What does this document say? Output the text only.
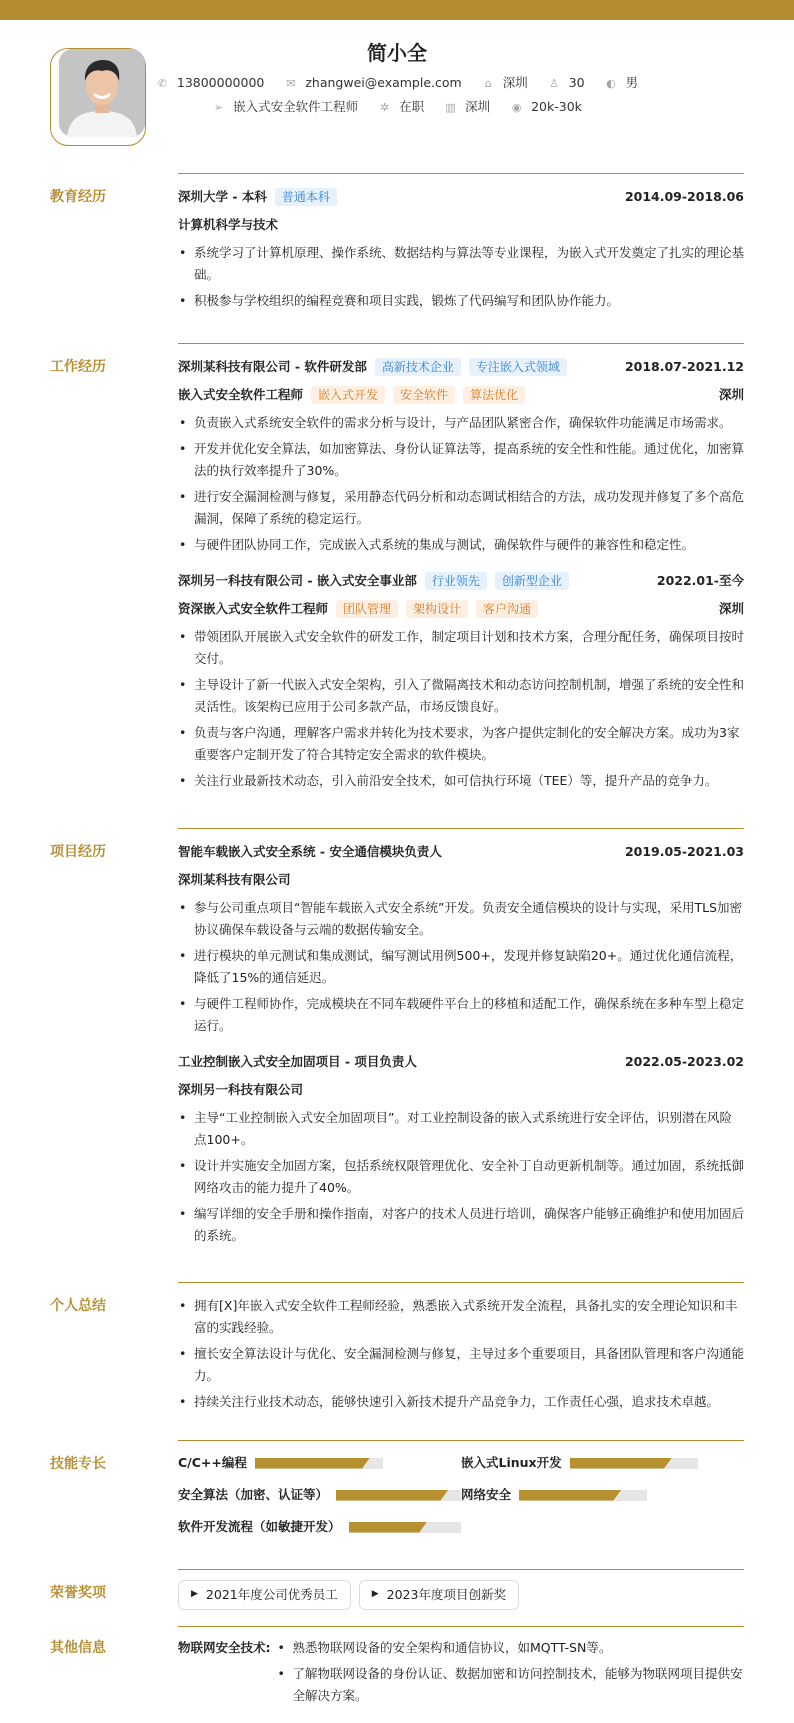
简小全
✆ 13800000000 ✉ zhangwei@example.com ⌂ 深圳 ♙ 30 ◐ 男
➢ 嵌入式安全软件工程师 ✲ 在职 ▥ 深圳 ◉ 20k-30k
教育经历	深圳大学 - 本科	普通本科	2014.09-2018.06
计算机科学与技术
• 系统学习了计算机原理、操作系统、数据结构与算法等专业课程，为嵌入式开发奠定了扎实的理论基础。
• 积极参与学校组织的编程竞赛和项目实践，锻炼了代码编写和团队协作能力。
工作经历	深圳某科技有限公司 - 软件研发部	高新技术企业	专注嵌入式领域	2018.07-2021.12
嵌入式安全软件工程师	嵌入式开发	安全软件	算法优化	深圳
• 负责嵌入式系统安全软件的需求分析与设计，与产品团队紧密合作，确保软件功能满足市场需求。
• 开发并优化安全算法，如加密算法、身份认证算法等，提高系统的安全性和性能。通过优化，加密算法的执行效率提升了30%。
• 进行安全漏洞检测与修复，采用静态代码分析和动态调试相结合的方法，成功发现并修复了多个高危漏洞，保障了系统的稳定运行。
• 与硬件团队协同工作，完成嵌入式系统的集成与测试，确保软件与硬件的兼容性和稳定性。
深圳另一科技有限公司 - 嵌入式安全事业部	行业领先	创新型企业	2022.01-至今
资深嵌入式安全软件工程师	团队管理	架构设计	客户沟通	深圳
• 带领团队开展嵌入式安全软件的研发工作，制定项目计划和技术方案，合理分配任务，确保项目按时交付。
• 主导设计了新一代嵌入式安全架构，引入了微隔离技术和动态访问控制机制，增强了系统的安全性和灵活性。该架构已应用于公司多款产品，市场反馈良好。
• 负责与客户沟通，理解客户需求并转化为技术要求，为客户提供定制化的安全解决方案。成功为3家重要客户定制开发了符合其特定安全需求的软件模块。
• 关注行业最新技术动态，引入前沿安全技术，如可信执行环境（TEE）等，提升产品的竞争力。
项目经历	智能车载嵌入式安全系统 - 安全通信模块负责人	2019.05-2021.03
深圳某科技有限公司
• 参与公司重点项目“智能车载嵌入式安全系统”开发。负责安全通信模块的设计与实现，采用TLS加密协议确保车载设备与云端的数据传输安全。
• 进行模块的单元测试和集成测试，编写测试用例500+，发现并修复缺陷20+。通过优化通信流程，降低了15%的通信延迟。
• 与硬件工程师协作，完成模块在不同车载硬件平台上的移植和适配工作，确保系统在多种车型上稳定运行。
工业控制嵌入式安全加固项目 - 项目负责人	2022.05-2023.02
深圳另一科技有限公司
• 主导“工业控制嵌入式安全加固项目”。对工业控制设备的嵌入式系统进行安全评估，识别潜在风险点100+。
• 设计并实施安全加固方案，包括系统权限管理优化、安全补丁自动更新机制等。通过加固，系统抵御网络攻击的能力提升了40%。
• 编写详细的安全手册和操作指南，对客户的技术人员进行培训，确保客户能够正确维护和使用加固后的系统。
个人总结	• 拥有[X]年嵌入式安全软件工程师经验，熟悉嵌入式系统开发全流程，具备扎实的安全理论知识和丰富的实践经验。
• 擅长安全算法设计与优化、安全漏洞检测与修复，主导过多个重要项目，具备团队管理和客户沟通能力。
• 持续关注行业技术动态，能够快速引入新技术提升产品竞争力，工作责任心强，追求技术卓越。
技能专长	C/C++编程	嵌入式Linux开发
安全算法（加密、认证等）	网络安全
软件开发流程（如敏捷开发）
荣誉奖项	▶ 2021年度公司优秀员工	▶ 2023年度项目创新奖
其他信息	物联网安全技术:	• 熟悉物联网设备的安全架构和通信协议，如MQTT-SN等。
• 了解物联网设备的身份认证、数据加密和访问控制技术，能够为物联网项目提供安全解决方案。
